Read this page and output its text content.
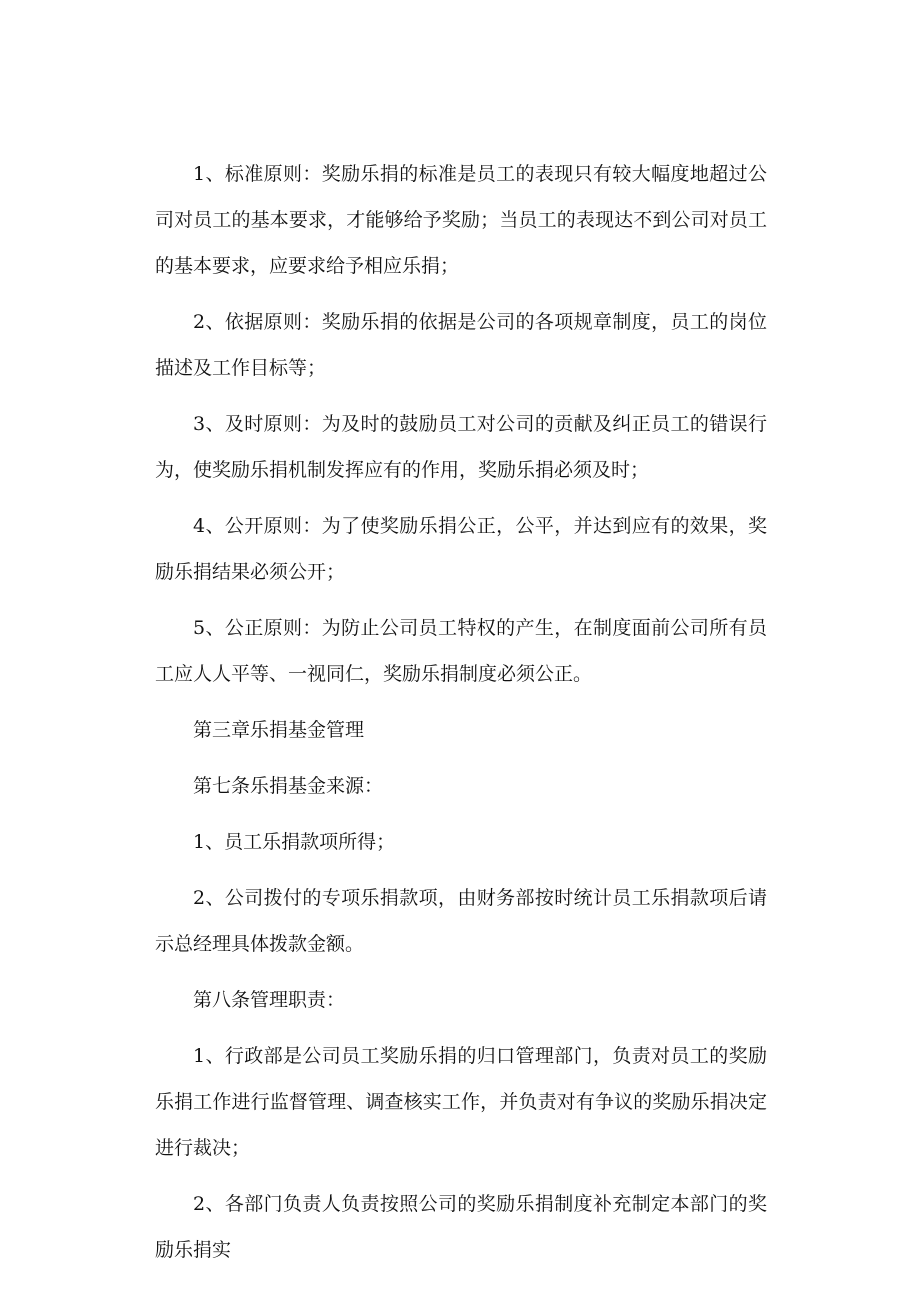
1、标准原则：奖励乐捐的标准是员工的表现只有较大幅度地超过公司对员工的基本要求，才能够给予奖励；当员工的表现达不到公司对员工的基本要求，应要求给予相应乐捐；

2、依据原则：奖励乐捐的依据是公司的各项规章制度，员工的岗位描述及工作目标等；

3、及时原则：为及时的鼓励员工对公司的贡献及纠正员工的错误行为，使奖励乐捐机制发挥应有的作用，奖励乐捐必须及时；

4、公开原则：为了使奖励乐捐公正，公平，并达到应有的效果，奖励乐捐结果必须公开；

5、公正原则：为防止公司员工特权的产生，在制度面前公司所有员工应人人平等、一视同仁，奖励乐捐制度必须公正。

第三章乐捐基金管理

第七条乐捐基金来源：

1、员工乐捐款项所得；

2、公司拨付的专项乐捐款项，由财务部按时统计员工乐捐款项后请示总经理具体拨款金额。

第八条管理职责：

1、行政部是公司员工奖励乐捐的归口管理部门，负责对员工的奖励乐捐工作进行监督管理、调查核实工作，并负责对有争议的奖励乐捐决定进行裁决；

2、各部门负责人负责按照公司的奖励乐捐制度补充制定本部门的奖励乐捐实
